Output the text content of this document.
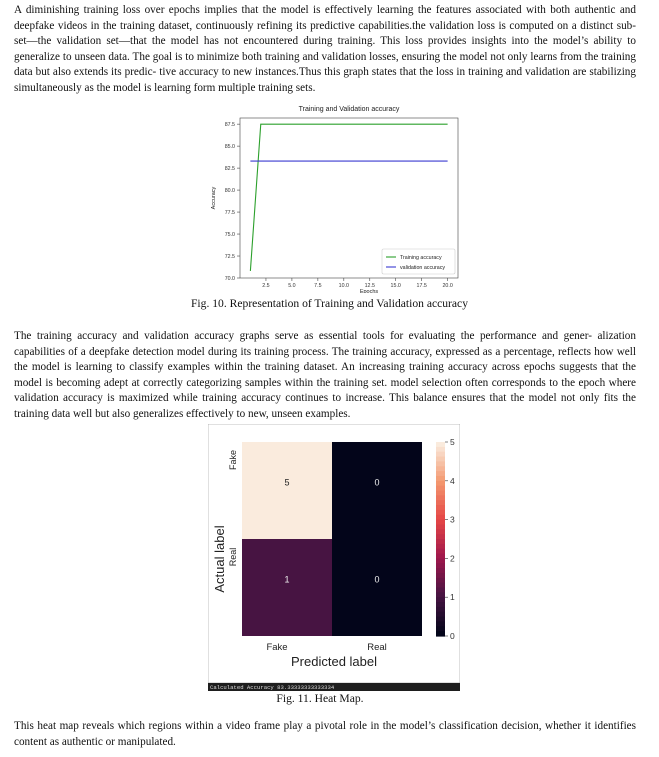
A diminishing training loss over epochs implies that the model is effectively learning the features associated with both authentic and deepfake videos in the training dataset, continuously refining its predictive capabilities.the validation loss is computed on a distinct sub- set—the validation set—that the model has not encountered during training. This loss provides insights into the model’s ability to generalize to unseen data. The goal is to minimize both training and validation losses, ensuring the model not only learns from the training data but also extends its predic- tive accuracy to new instances.Thus this graph states that the loss in training and validation are stabilizing simultaneously as the model is learning form multiple training sets.
Training and Validation accuracy
70.0
72.5
75.0
77.5
80.0
82.5
85.0
87.5
2.5	5.0	7.5	10.0	12.5	15.0	17.5	20.0
Epochs
Accuracy
Training accuracy
validation accuracy
Fig. 10. Representation of Training and Validation accuracy
The training accuracy and validation accuracy graphs serve as essential tools for evaluating the performance and gener- alization capabilities of a deepfake detection model during its training process. The training accuracy, expressed as a percentage, reflects how well the model is learning to classify examples within the training dataset. An increasing training accuracy across epochs suggests that the model is becoming adept at correctly categorizing samples within the training set. model selection often corresponds to the epoch where validation accuracy is maximized while training accuracy continues to increase. This balance ensures that the model not only fits the training data well but also generalizes effectively to new, unseen examples.
5	0
1	0
Fake	Real
Fake
Real
Predicted label
Actual label
0
1
2
3
4
5
Calculated Accuracy 83.33333333333334
Fig. 11. Heat Map.
This heat map reveals which regions within a video frame play a pivotal role in the model’s classification decision, whether it identifies content as authentic or manipulated.
